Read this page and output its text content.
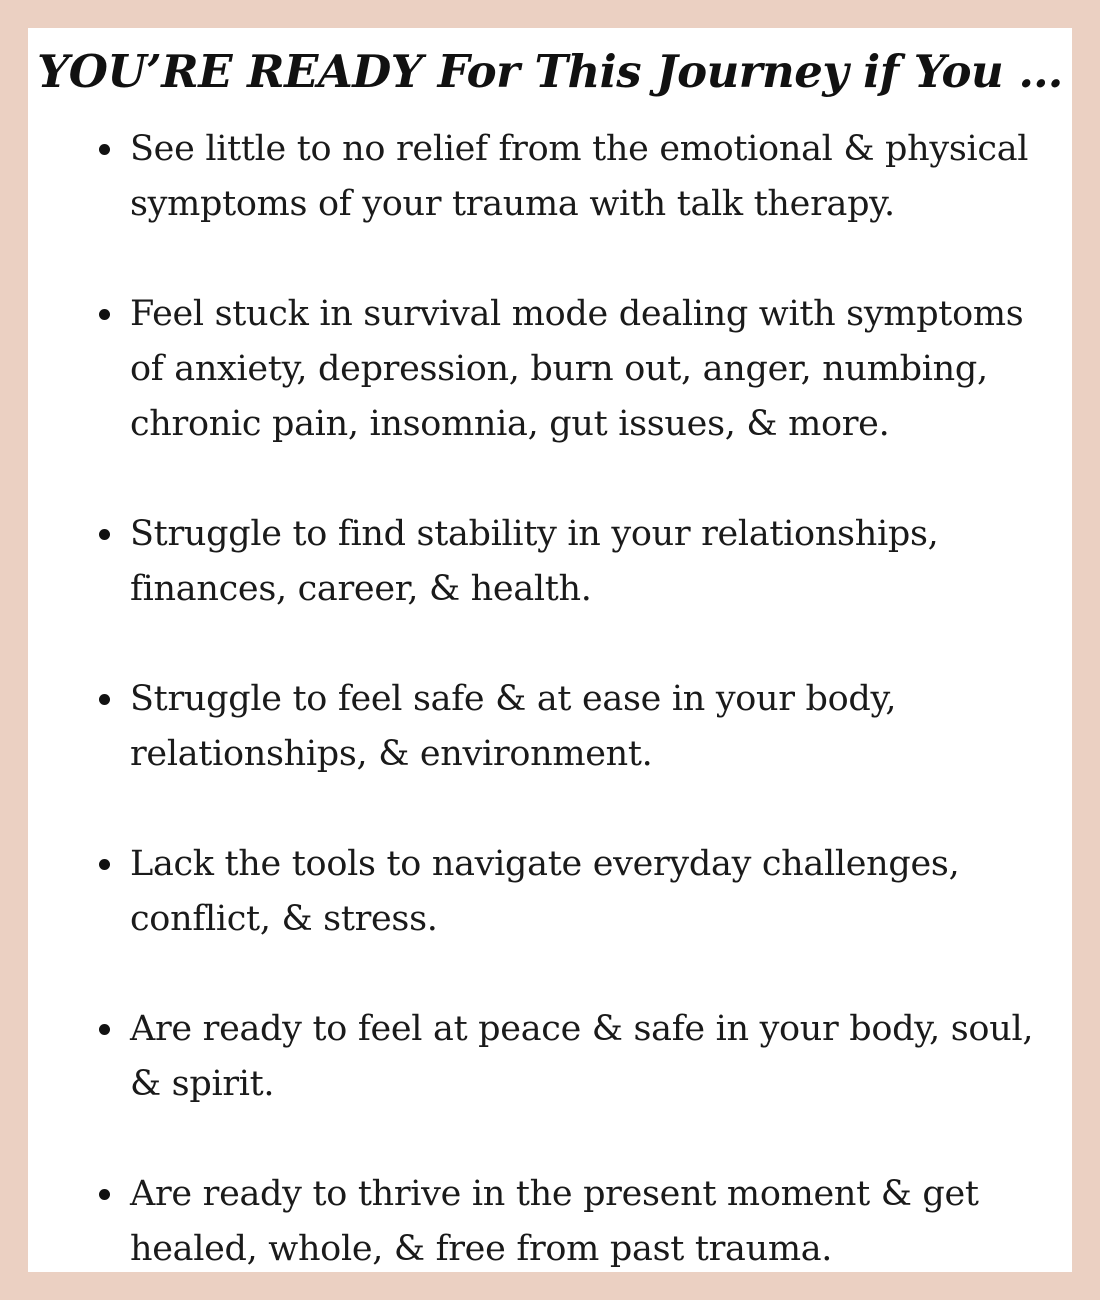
YOU’RE READY For This Journey if You …
See little to no relief from the emotional & physical symptoms of your trauma with talk therapy.
Feel stuck in survival mode dealing with symptoms of anxiety, depression, burn out, anger, numbing, chronic pain, insomnia, gut issues, & more.
Struggle to find stability in your relationships, finances, career, & health.
Struggle to feel safe & at ease in your body, relationships, & environment.
Lack the tools to navigate everyday challenges, conflict, & stress.
Are ready to feel at peace & safe in your body, soul, & spirit.
Are ready to thrive in the present moment & get healed, whole, & free from past trauma.
